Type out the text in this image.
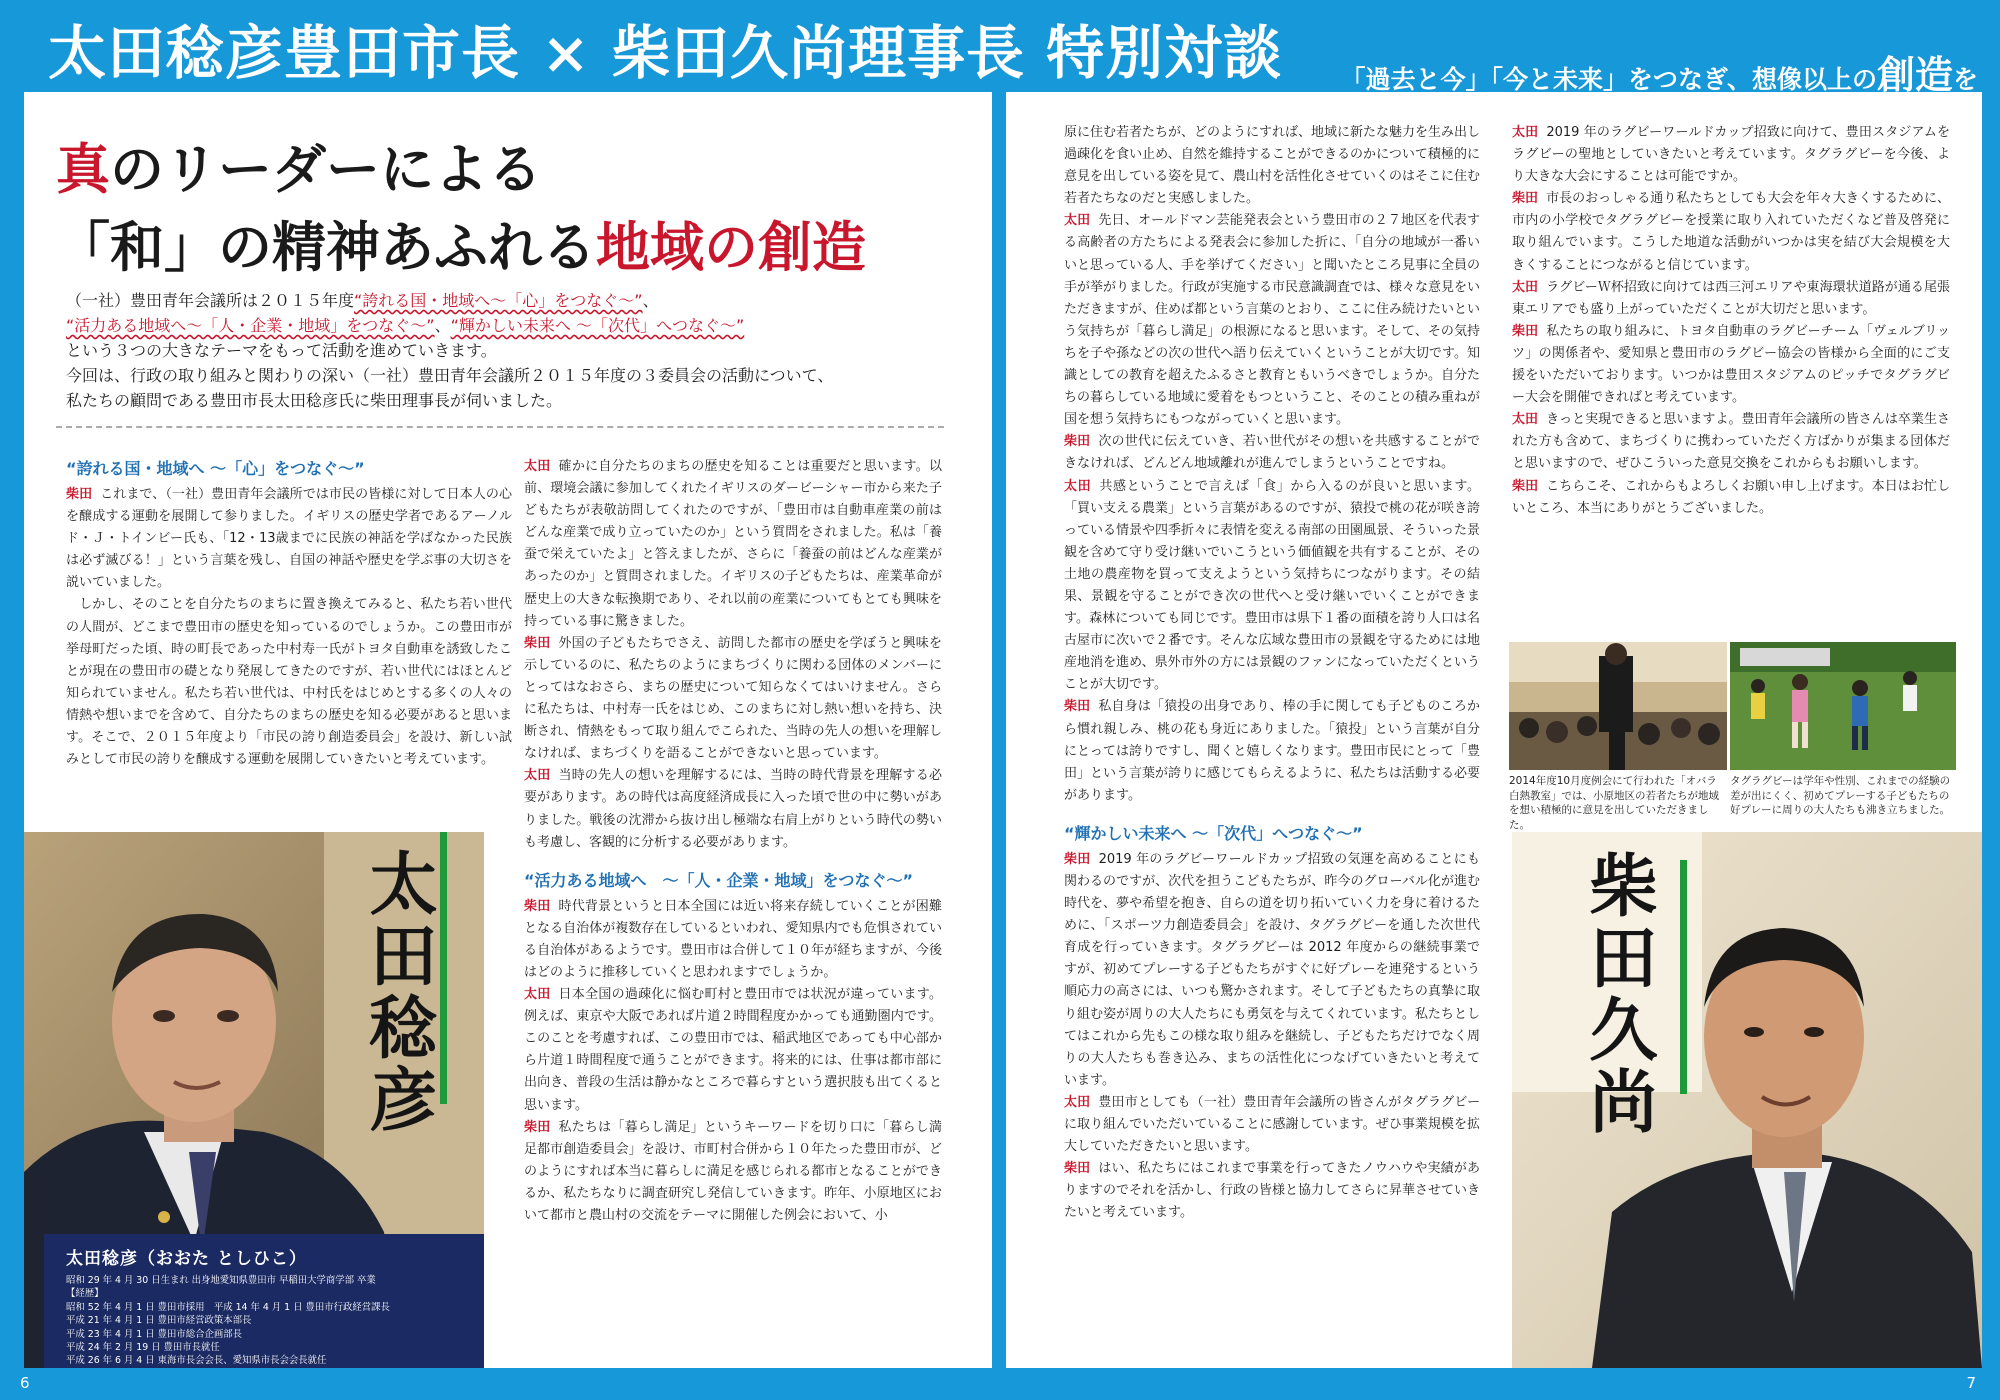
太田稔彦豊田市長 × 柴田久尚理事長 特別対談 「過去と今」「今と未来」をつなぎ、想像以上の創造を
真のリーダーによる
「和」の精神あふれる地域の創造

（一社）豊田青年会議所は２０１５年度“誇れる国・地域へ～「心」をつなぐ～”、

“活力ある地域へ～「人・企業・地域」をつなぐ～”、“輝かしい未来へ ～「次代」へつなぐ～”

という３つの大きなテーマをもって活動を進めていきます。

今回は、行政の取り組みと関わりの深い（一社）豊田青年会議所２０１５年度の３委員会の活動について、

私たちの顧問である豊田市長太田稔彦氏に柴田理事長が伺いました。

“誇れる国・地域へ ～「心」をつなぐ～”

柴田 これまで、（一社）豊田青年会議所では市民の皆様に対して日本人の心を醸成する運動を展開して参りました。イギリスの歴史学者であるアーノルド・Ｊ・トインビー氏も、「12・13歳までに民族の神話を学ばなかった民族は必ず滅びる！」という言葉を残し、自国の神話や歴史を学ぶ事の大切さを説いていました。

　しかし、そのことを自分たちのまちに置き換えてみると、私たち若い世代の人間が、どこまで豊田市の歴史を知っているのでしょうか。この豊田市が挙母町だった頃、時の町長であった中村寿一氏がトヨタ自動車を誘致したことが現在の豊田市の礎となり発展してきたのですが、若い世代にはほとんど知られていません。私たち若い世代は、中村氏をはじめとする多くの人々の情熱や想いまでを含めて、自分たちのまちの歴史を知る必要があると思います。そこで、２０１５年度より「市民の誇り創造委員会」を設け、新しい試みとして市民の誇りを醸成する運動を展開していきたいと考えています。

太田 確かに自分たちのまちの歴史を知ることは重要だと思います。以前、環境会議に参加してくれたイギリスのダービーシャー市から来た子どもたちが表敬訪問してくれたのですが、「豊田市は自動車産業の前はどんな産業で成り立っていたのか」という質問をされました。私は「養蚕で栄えていたよ」と答えましたが、さらに「養蚕の前はどんな産業があったのか」と質問されました。イギリスの子どもたちは、産業革命が歴史上の大きな転換期であり、それ以前の産業についてもとても興味を持っている事に驚きました。

柴田 外国の子どもたちでさえ、訪問した都市の歴史を学ぼうと興味を示しているのに、私たちのようにまちづくりに関わる団体のメンバーにとってはなおさら、まちの歴史について知らなくてはいけません。さらに私たちは、中村寿一氏をはじめ、このまちに対し熱い想いを持ち、決断され、情熱をもって取り組んでこられた、当時の先人の想いを理解しなければ、まちづくりを語ることができないと思っています。

太田 当時の先人の想いを理解するには、当時の時代背景を理解する必要があります。あの時代は高度経済成長に入った頃で世の中に勢いがありました。戦後の沈滞から抜け出し極端な右肩上がりという時代の勢いも考慮し、客観的に分析する必要があります。

“活力ある地域へ　～「人・企業・地域」をつなぐ～”

柴田 時代背景というと日本全国には近い将来存続していくことが困難となる自治体が複数存在しているといわれ、愛知県内でも危惧されている自治体があるようです。豊田市は合併して１０年が経ちますが、今後はどのように推移していくと思われますでしょうか。

太田 日本全国の過疎化に悩む町村と豊田市では状況が違っています。例えば、東京や大阪であれば片道２時間程度かかっても通勤圏内です。このことを考慮すれば、この豊田市では、稲武地区であっても中心部から片道１時間程度で通うことができます。将来的には、仕事は都市部に出向き、普段の生活は静かなところで暮らすという選択肢も出てくると思います。

柴田 私たちは「暮らし満足」というキーワードを切り口に「暮らし満足都市創造委員会」を設け、市町村合併から１０年たった豊田市が、どのようにすれば本当に暮らしに満足を感じられる都市となることができるか、私たちなりに調査研究し発信していきます。昨年、小原地区において都市と農山村の交流をテーマに開催した例会において、小

原に住む若者たちが、どのようにすれば、地域に新たな魅力を生み出し過疎化を食い止め、自然を維持することができるのかについて積極的に意見を出している姿を見て、農山村を活性化させていくのはそこに住む若者たちなのだと実感しました。

太田 先日、オールドマン芸能発表会という豊田市の２７地区を代表する高齢者の方たちによる発表会に参加した折に、「自分の地域が一番いいと思っている人、手を挙げてください」と聞いたところ見事に全員の手が挙がりました。行政が実施する市民意識調査では、様々な意見をいただきますが、住めば都という言葉のとおり、ここに住み続けたいという気持ちが「暮らし満足」の根源になると思います。そして、その気持ちを子や孫などの次の世代へ語り伝えていくということが大切です。知識としての教育を超えたふるさと教育ともいうべきでしょうか。自分たちの暮らしている地域に愛着をもつということ、そのことの積み重ねが国を想う気持ちにもつながっていくと思います。

柴田 次の世代に伝えていき、若い世代がその想いを共感することができなければ、どんどん地域離れが進んでしまうということですね。

太田 共感ということで言えば「食」から入るのが良いと思います。「買い支える農業」という言葉があるのですが、猿投で桃の花が咲き誇っている情景や四季折々に表情を変える南部の田園風景、そういった景観を含めて守り受け継いでいこうという価値観を共有することが、その土地の農産物を買って支えようという気持ちにつながります。その結果、景観を守ることができ次の世代へと受け継いでいくことができます。森林についても同じです。豊田市は県下１番の面積を誇り人口は名古屋市に次いで２番です。そんな広域な豊田市の景観を守るためには地産地消を進め、県外市外の方には景観のファンになっていただくということが大切です。

柴田 私自身は「猿投の出身であり、棒の手に関しても子どものころから慣れ親しみ、桃の花も身近にありました。「猿投」という言葉が自分にとっては誇りですし、聞くと嬉しくなります。豊田市民にとって「豊田」という言葉が誇りに感じてもらえるように、私たちは活動する必要があります。

“輝かしい未来へ ～「次代」へつなぐ～”

柴田 2019 年のラグビーワールドカップ招致の気運を高めることにも関わるのですが、次代を担うこどもたちが、昨今のグローバル化が進む時代を、夢や希望を抱き、自らの道を切り拓いていく力を身に着けるために、「スポーツ力創造委員会」を設け、タグラグビーを通した次世代育成を行っていきます。タグラグビーは 2012 年度からの継続事業ですが、初めてプレーする子どもたちがすぐに好プレーを連発するという順応力の高さには、いつも驚かされます。そして子どもたちの真摯に取り組む姿が周りの大人たちにも勇気を与えてくれています。私たちとしてはこれから先もこの様な取り組みを継続し、子どもたちだけでなく周りの大人たちも巻き込み、まちの活性化につなげていきたいと考えています。

太田 豊田市としても（一社）豊田青年会議所の皆さんがタグラグビーに取り組んでいただいていることに感謝しています。ぜひ事業規模を拡大していただきたいと思います。

柴田 はい、私たちにはこれまで事業を行ってきたノウハウや実績がありますのでそれを活かし、行政の皆様と協力してさらに昇華させていきたいと考えています。

太田 2019 年のラグビーワールドカップ招致に向けて、豊田スタジアムをラグビーの聖地としていきたいと考えています。タグラグビーを今後、より大きな大会にすることは可能ですか。

柴田 市長のおっしゃる通り私たちとしても大会を年々大きくするために、市内の小学校でタグラグビーを授業に取り入れていただくなど普及啓発に取り組んでいます。こうした地道な活動がいつかは実を結び大会規模を大きくすることにつながると信じています。

太田 ラグビーＷ杯招致に向けては西三河エリアや東海環状道路が通る尾張東エリアでも盛り上がっていただくことが大切だと思います。

柴田 私たちの取り組みに、トヨタ自動車のラグビーチーム「ヴェルブリッツ」の関係者や、愛知県と豊田市のラグビー協会の皆様から全面的にご支援をいただいております。いつかは豊田スタジアムのピッチでタグラグビー大会を開催できればと考えています。

太田 きっと実現できると思いますよ。豊田青年会議所の皆さんは卒業生された方も含めて、まちづくりに携わっていただく方ばかりが集まる団体だと思いますので、ぜひこういった意見交換をこれからもお願いします。

柴田 こちらこそ、これからもよろしくお願い申し上げます。本日はお忙しいところ、本当にありがとうございました。

2014年度10月度例会にて行われた「オバラ白熱教室」では、小原地区の若者たちが地域を想い積極的に意見を出していただきました。
タグラグビーは学年や性別、これまでの経験の差が出にくく、初めてプレーする子どもたちの好プレーに周りの大人たちも沸き立ちました。
太田稔彦
太田稔彦（おおた としひこ）
昭和 29 年 4 月 30 日生まれ 出身地愛知県豊田市 早稲田大学商学部 卒業
【経歴】
昭和 52 年 4 月 1 日 豊田市採用　平成 14 年 4 月 1 日 豊田市行政経営課長
平成 21 年 4 月 1 日 豊田市経営政策本部長
平成 23 年 4 月 1 日 豊田市総合企画部長
平成 24 年 2 月 19 日 豊田市長就任
平成 26 年 6 月 4 日 東海市長会会長、愛知県市長会会長就任
柴田久尚
6	7
